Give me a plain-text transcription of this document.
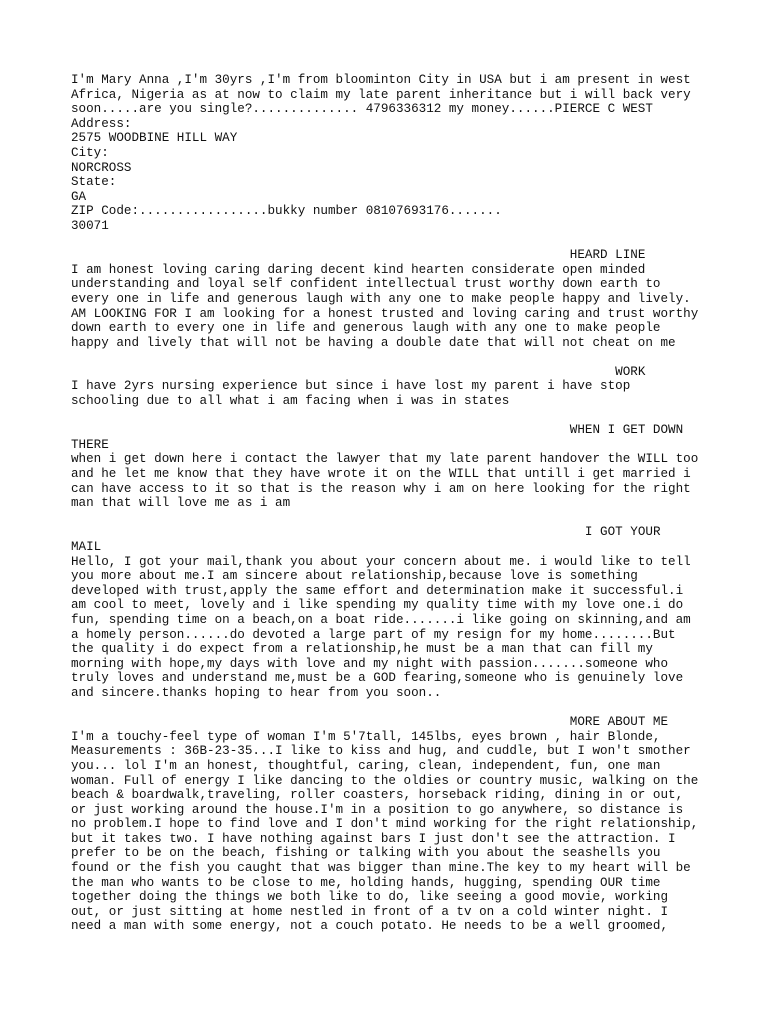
I'm Mary Anna ,I'm 30yrs ,I'm from bloominton City in USA but i am present in west
Africa, Nigeria as at now to claim my late parent inheritance but i will back very
soon.....are you single?.............. 4796336312 my money......PIERCE C WEST
Address:
2575 WOODBINE HILL WAY
City:
NORCROSS
State:
GA
ZIP Code:.................bukky number 08107693176.......
30071

HEARD LINE

I am honest loving caring daring decent kind hearten considerate open minded
understanding and loyal self confident intellectual trust worthy down earth to
every one in life and generous laugh with any one to make people happy and lively.
AM LOOKING FOR I am looking for a honest trusted and loving caring and trust worthy
down earth to every one in life and generous laugh with any one to make people
happy and lively that will not be having a double date that will not cheat on me

WORK

I have 2yrs nursing experience but since i have lost my parent i have stop
schooling due to all what i am facing when i was in states

WHEN I GET DOWN
THERE

when i get down here i contact the lawyer that my late parent handover the WILL too
and he let me know that they have wrote it on the WILL that untill i get married i
can have access to it so that is the reason why i am on here looking for the right
man that will love me as i am

I GOT YOUR
MAIL

Hello, I got your mail,thank you about your concern about me. i would like to tell
you more about me.I am sincere about relationship,because love is something
developed with trust,apply the same effort and determination make it successful.i
am cool to meet, lovely and i like spending my quality time with my love one.i do
fun, spending time on a beach,on a boat ride.......i like going on skinning,and am
a homely person......do devoted a large part of my resign for my home........But
the quality i do expect from a relationship,he must be a man that can fill my
morning with hope,my days with love and my night with passion.......someone who
truly loves and understand me,must be a GOD fearing,someone who is genuinely love
and sincere.thanks hoping to hear from you soon..

MORE ABOUT ME

I'm a touchy-feel type of woman I'm 5'7tall, 145lbs, eyes brown , hair Blonde,
Measurements : 36B-23-35...I like to kiss and hug, and cuddle, but I won't smother
you... lol I'm an honest, thoughtful, caring, clean, independent, fun, one man
woman. Full of energy I like dancing to the oldies or country music, walking on the
beach & boardwalk,traveling, roller coasters, horseback riding, dining in or out,
or just working around the house.I'm in a position to go anywhere, so distance is
no problem.I hope to find love and I don't mind working for the right relationship,
but it takes two. I have nothing against bars I just don't see the attraction. I
prefer to be on the beach, fishing or talking with you about the seashells you
found or the fish you caught that was bigger than mine.The key to my heart will be
the man who wants to be close to me, holding hands, hugging, spending OUR time
together doing the things we both like to do, like seeing a good movie, working
out, or just sitting at home nestled in front of a tv on a cold winter night. I
need a man with some energy, not a couch potato. He needs to be a well groomed,
